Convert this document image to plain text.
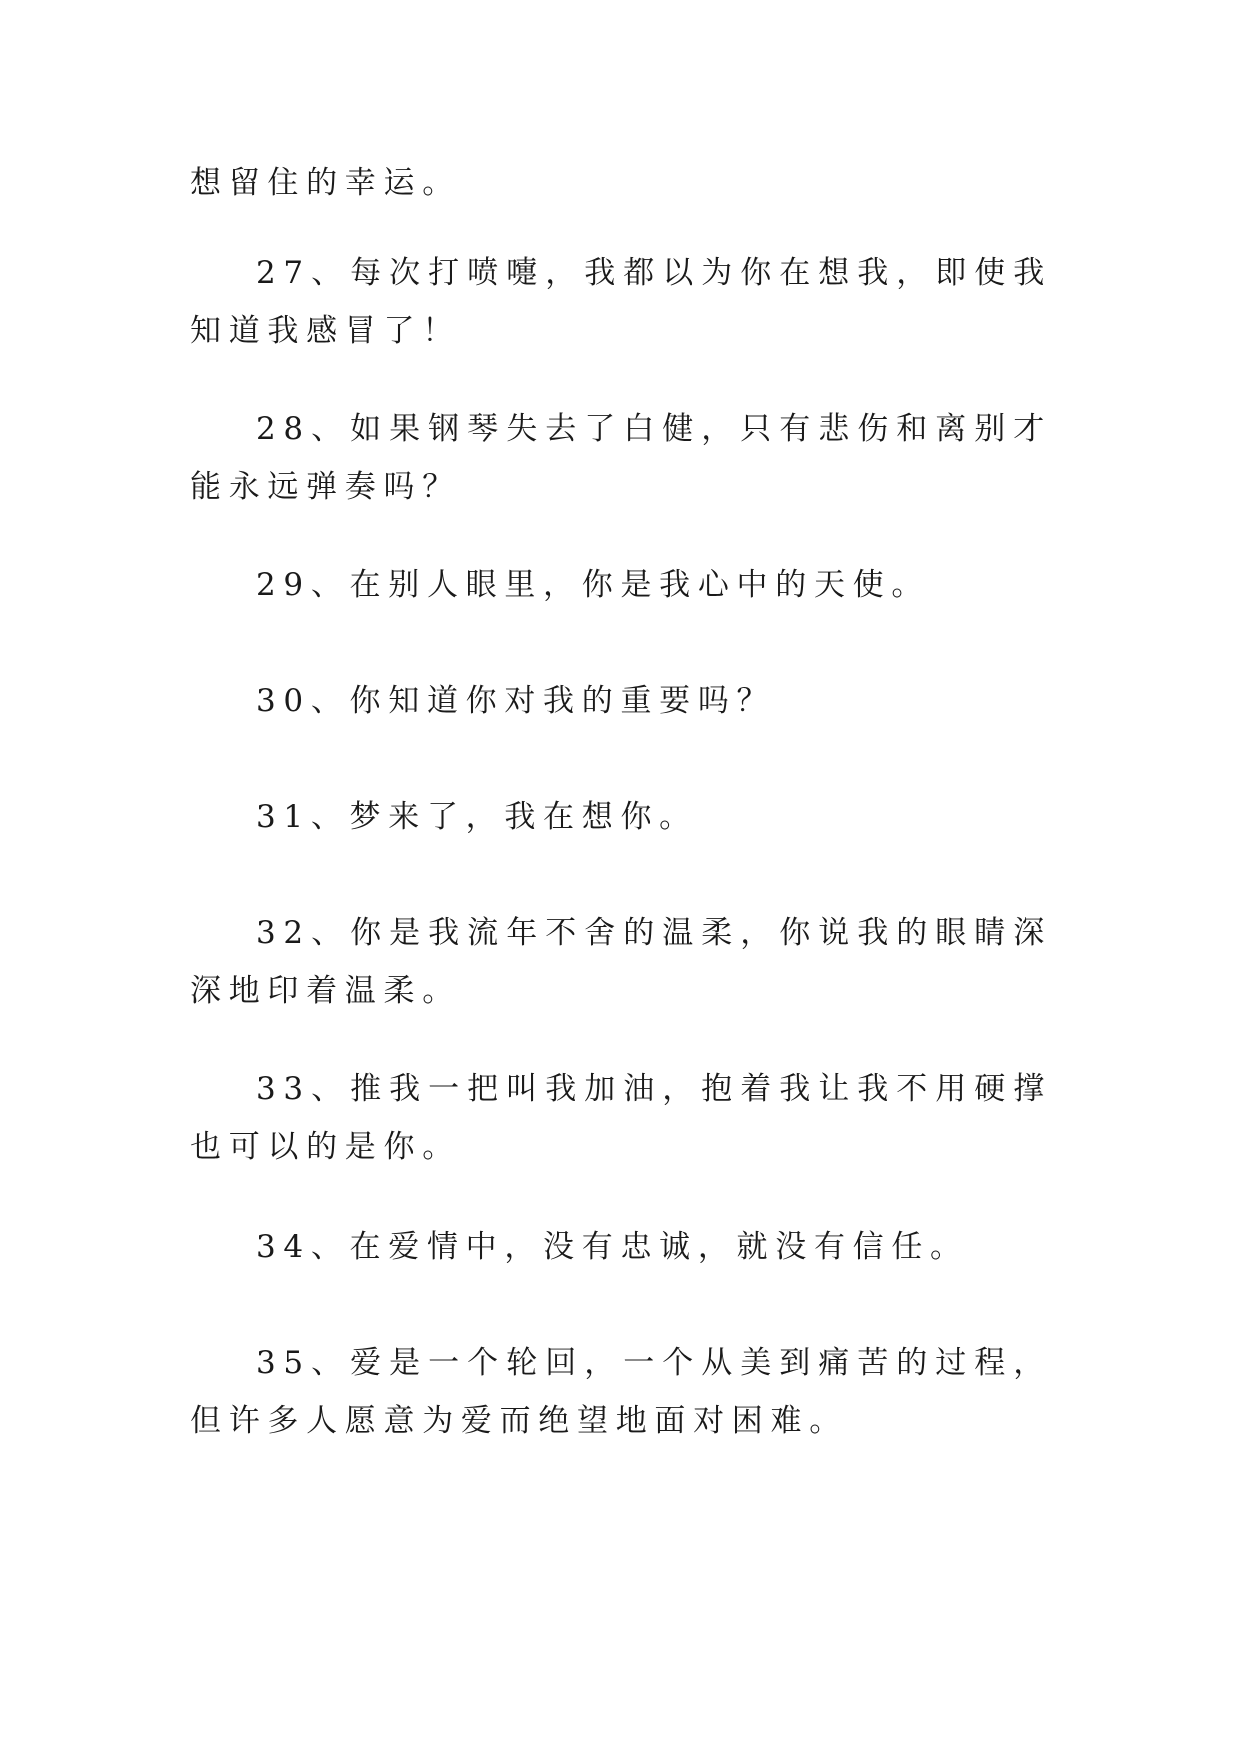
想留住的幸运。

27、每次打喷嚏，我都以为你在想我，即使我知道我感冒了！

28、如果钢琴失去了白健，只有悲伤和离别才能永远弹奏吗？

29、在别人眼里，你是我心中的天使。

30、你知道你对我的重要吗？

31、梦来了，我在想你。

32、你是我流年不舍的温柔，你说我的眼睛深深地印着温柔。

33、推我一把叫我加油，抱着我让我不用硬撑也可以的是你。

34、在爱情中，没有忠诚，就没有信任。

35、爱是一个轮回，一个从美到痛苦的过程，但许多人愿意为爱而绝望地面对困难。
